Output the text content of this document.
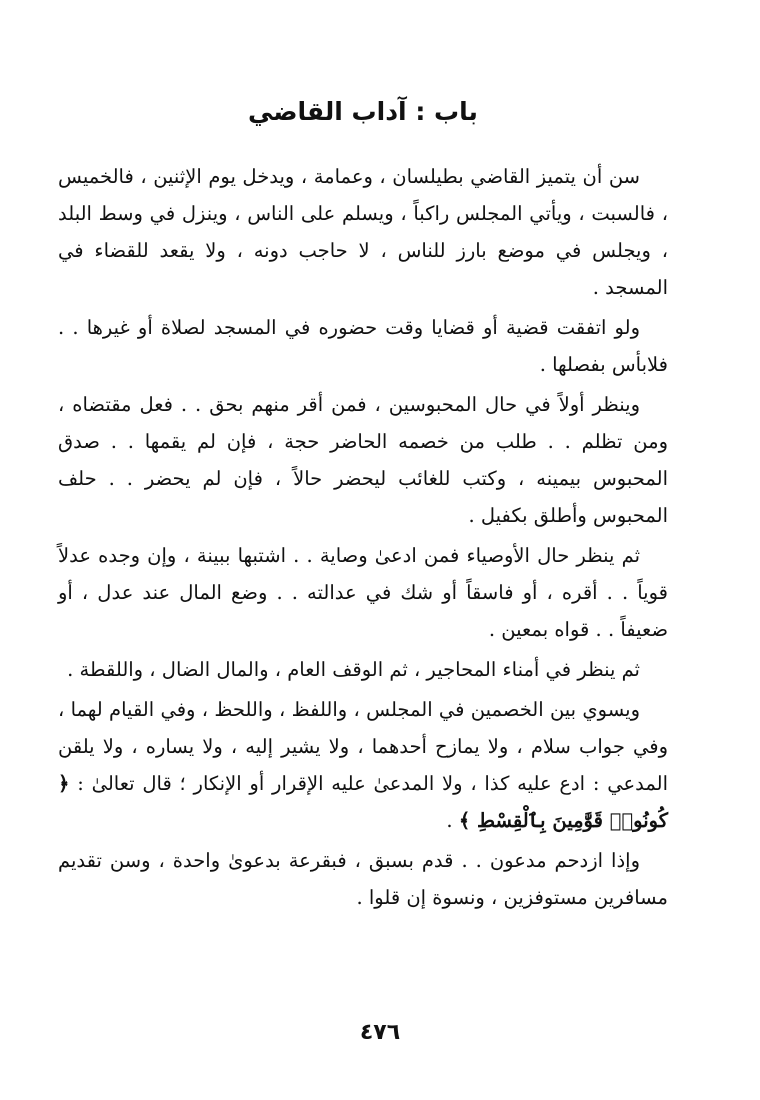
باب : آداب القاضي

سن أن يتميز القاضي بطيلسان ، وعمامة ، ويدخل يوم الإثنين ، فالخميس ، فالسبت ، ويأتي المجلس راكباً ، ويسلم على الناس ، وينزل في وسط البلد ، ويجلس في موضع بارز للناس ، لا حاجب دونه ، ولا يقعد للقضاء في المسجد .

ولو اتفقت قضية أو قضايا وقت حضوره في المسجد لصلاة أو غيرها . . فلابأس بفصلها .

وينظر أولاً في حال المحبوسين ، فمن أقر منهم بحق . . فعل مقتضاه ، ومن تظلم . . طلب من خصمه الحاضر حجة ، فإن لم يقمها . . صدق المحبوس بيمينه ، وكتب للغائب ليحضر حالاً ، فإن لم يحضر . . حلف المحبوس وأطلق بكفيل .

ثم ينظر حال الأوصياء فمن ادعىٰ وصاية . . اشتبها ببينة ، وإن وجده عدلاً قوياً . . أقره ، أو فاسقاً أو شك في عدالته . . وضع المال عند عدل ، أو ضعيفاً . . قواه بمعين .

ثم ينظر في أمناء المحاجير ، ثم الوقف العام ، والمال الضال ، واللقطة .

ويسوي بين الخصمين في المجلس ، واللفظ ، واللحظ ، وفي القيام لهما ، وفي جواب سلام ، ولا يمازح أحدهما ، ولا يشير إليه ، ولا يساره ، ولا يلقن المدعي : ادع عليه كذا ، ولا المدعىٰ عليه الإقرار أو الإنكار ؛ قال تعالىٰ : ﴿ كُونُوا۟ قَوَّٰمِينَ بِٱلْقِسْطِ ﴾ .

وإذا ازدحم مدعون . . قدم بسبق ، فبقرعة بدعوىٰ واحدة ، وسن تقديم مسافرين مستوفزين ، ونسوة إن قلوا .

٤٧٦
